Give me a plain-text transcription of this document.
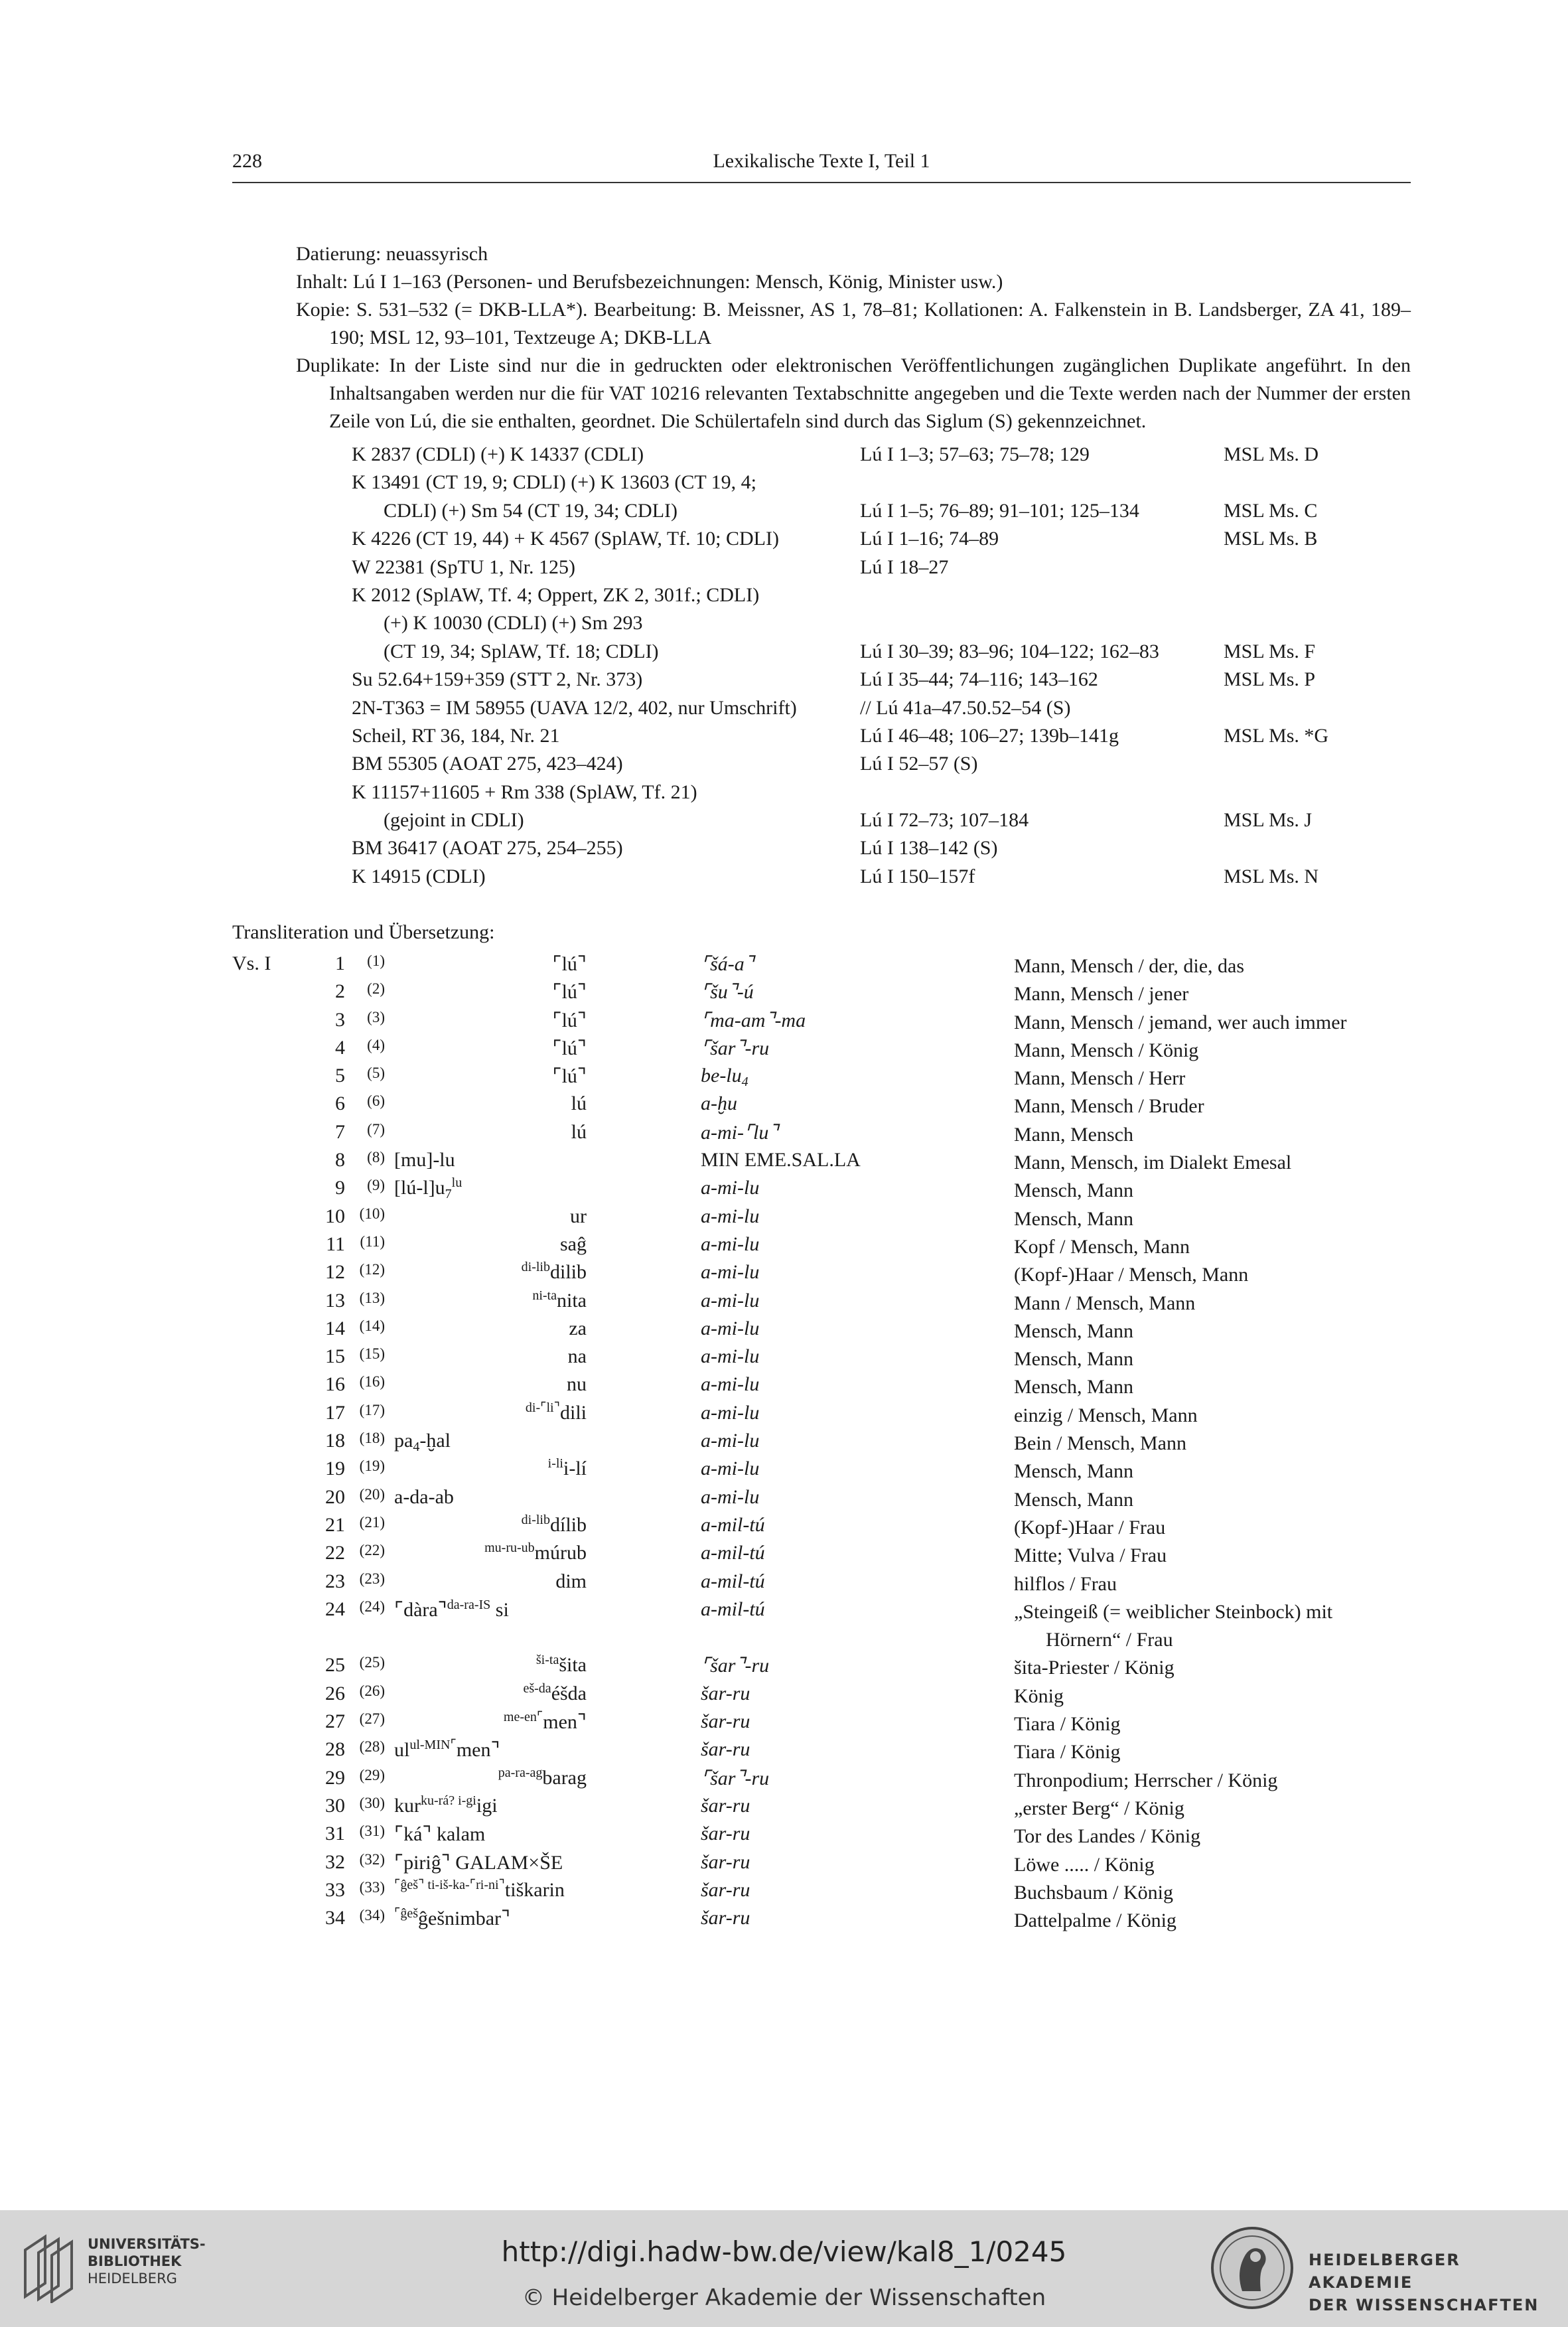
228	Lexikalische Texte I, Teil 1

Datierung: neuassyrisch

Inhalt: Lú I 1–163 (Personen- und Berufsbezeichnungen: Mensch, König, Minister usw.)

Kopie: S. 531–532 (= DKB-LLA*). Bearbeitung: B. Meissner, AS 1, 78–81; Kollationen: A. Falkenstein in B. Landsberger, ZA 41, 189–190; MSL 12, 93–101, Textzeuge A; DKB-LLA

Duplikate: In der Liste sind nur die in gedruckten oder elektronischen Veröffentlichungen zugänglichen Duplikate angeführt. In den Inhaltsangaben werden nur die für VAT 10216 relevanten Textabschnitte angegeben und die Texte werden nach der Nummer der ersten Zeile von Lú, die sie enthalten, geordnet. Die Schülertafeln sind durch das Siglum (S) gekennzeichnet.

K 2837 (CDLI) (+) K 14337 (CDLI)	Lú I 1–3; 57–63; 75–78; 129	MSL Ms. D
K 13491 (CT 19, 9; CDLI) (+) K 13603 (CT 19, 4;
CDLI) (+) Sm 54 (CT 19, 34; CDLI)	Lú I 1–5; 76–89; 91–101; 125–134	MSL Ms. C
K 4226 (CT 19, 44) + K 4567 (SplAW, Tf. 10; CDLI)	Lú I 1–16; 74–89	MSL Ms. B
W 22381 (SpTU 1, Nr. 125)	Lú I 18–27
K 2012 (SplAW, Tf. 4; Oppert, ZK 2, 301f.; CDLI)
(+) K 10030 (CDLI) (+) Sm 293
(CT 19, 34; SplAW, Tf. 18; CDLI)	Lú I 30–39; 83–96; 104–122; 162–83	MSL Ms. F
Su 52.64+159+359 (STT 2, Nr. 373)	Lú I 35–44; 74–116; 143–162	MSL Ms. P
2N-T363 = IM 58955 (UAVA 12/2, 402, nur Umschrift)	// Lú 41a–47.50.52–54 (S)
Scheil, RT 36, 184, Nr. 21	Lú I 46–48; 106–27; 139b–141g	MSL Ms. *G
BM 55305 (AOAT 275, 423–424)	Lú I 52–57 (S)
K 11157+11605 + Rm 338 (SplAW, Tf. 21)
(gejoint in CDLI)	Lú I 72–73; 107–184	MSL Ms. J
BM 36417 (AOAT 275, 254–255)	Lú I 138–142 (S)
K 14915 (CDLI)	Lú I 150–157f	MSL Ms. N
Transliteration und Übersetzung:
Vs. I	1	(1)	⌜lú⌝	⌜šá-a⌝	Mann, Mensch / der, die, das
2	(2)	⌜lú⌝	⌜šu⌝-ú	Mann, Mensch / jener
3	(3)	⌜lú⌝	⌜ma-am⌝-ma	Mann, Mensch / jemand, wer auch immer
4	(4)	⌜lú⌝	⌜šar⌝-ru	Mann, Mensch / König
5	(5)	⌜lú⌝	$be-lu_4$	Mann, Mensch / Herr
6	(6)	lú	a-ḫu	Mann, Mensch / Bruder
7	(7)	lú	a-mi-⌜lu⌝	Mann, Mensch
8	(8) [mu]-lu	MIN EME.SAL.LA	Mann, Mensch, im Dialekt Emesal
9	(9) $[lú-l]u_7^{lu}$	a-mi-lu	Mensch, Mann
10 (10)	ur	a-mi-lu	Mensch, Mann
11 (11)	saĝ	a-mi-lu	Kopf / Mensch, Mann
12 (12)	$^{di-lib}$dilib	a-mi-lu	(Kopf-)Haar / Mensch, Mann
13 (13)	$^{ni-ta}$nita	a-mi-lu	Mann / Mensch, Mann
14 (14)	za	a-mi-lu	Mensch, Mann
15 (15)	na	a-mi-lu	Mensch, Mann
16 (16)	nu	a-mi-lu	Mensch, Mann
17 (17)	$^{di-⌜li⌝}$dili	a-mi-lu	einzig / Mensch, Mann
18 (18) $pa_4$-ḫal	a-mi-lu	Bein / Mensch, Mann
19 (19)	$^{i-li}$i-lí	a-mi-lu	Mensch, Mann
20 (20) a-da-ab	a-mi-lu	Mensch, Mann
21 (21)	$^{di-lib}$dílib	a-mil-tú	(Kopf-)Haar / Frau
22 (22)	$^{mu-ru-ub}$múrub	a-mil-tú	Mitte; Vulva / Frau
23 (23)	dim	a-mil-tú	hilflos / Frau
24 (24) ⌜dàra⌝$^{da-ra-IS}$ si	a-mil-tú	„Steingeiß (= weiblicher Steinbock) mit
Hörnern“ / Frau
25 (25)	$^{ši-ta}$šita	⌜šar⌝-ru	šita-Priester / König
26 (26)	$^{eš-da}$éšda	šar-ru	König
27 (27)	$^{me-en⌜}$men⌝	šar-ru	Tiara / König
28 (28) $ul^{ul-MIN⌜}men⌝$	šar-ru	Tiara / König
29 (29)	$^{pa-ra-ag}$barag	⌜šar⌝-ru	Thronpodium; Herrscher / König
30 (30) kur$^{ku-rá? i-gi}$igi	šar-ru	„erster Berg“ / König
31 (31) ⌜ká⌝ kalam	šar-ru	Tor des Landes / König
32 (32) ⌜piriĝ⌝ GALAM×ŠE	šar-ru	Löwe ..... / König
33 (33) $^{⌜ĝeš⌝ ti-iš-ka-⌜ri-ni⌝}$tiškarin	šar-ru	Buchsbaum / König
34 (34) $^{⌜ĝeš}$ĝešnimbar⌝	šar-ru	Dattelpalme / König
UNIVERSITÄTS-
BIBLIOTHEK
HEIDELBERG
http://digi.hadw-bw.de/view/kal8_1/0245
© Heidelberger Akademie der Wissenschaften
HEIDELBERGER AKADEMIE
DER WISSENSCHAFTEN
